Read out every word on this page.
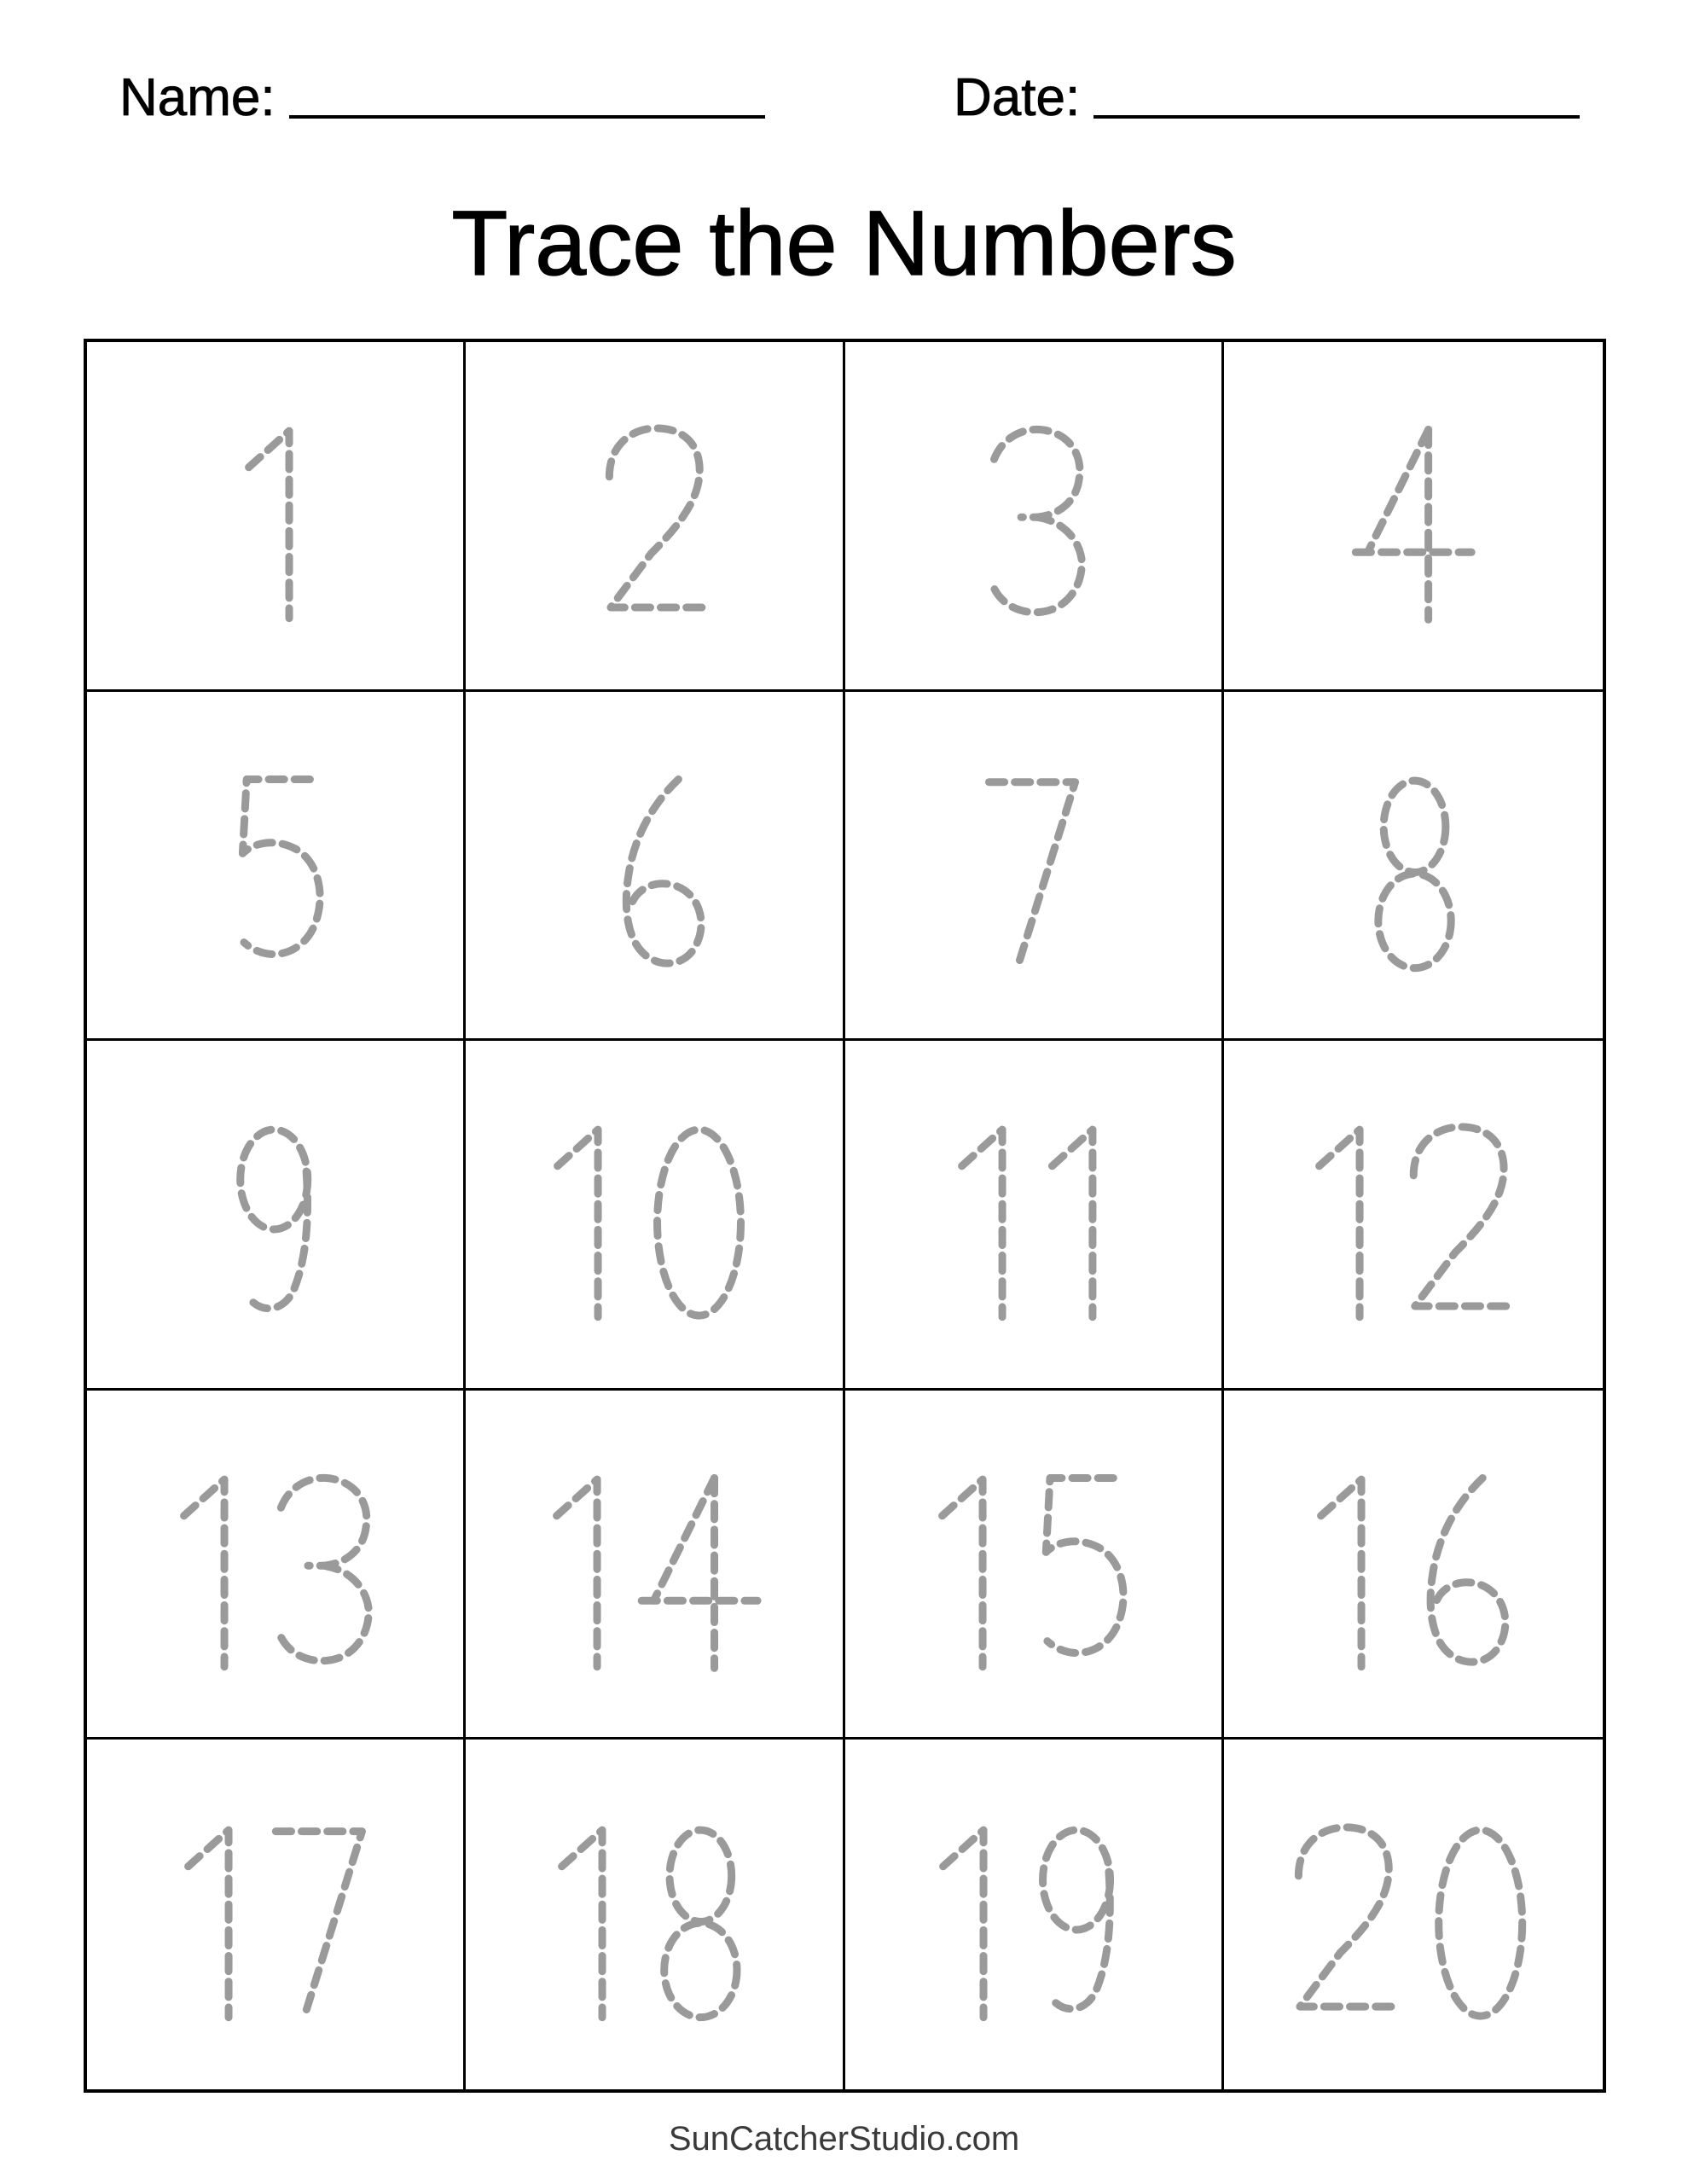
Name:	Date:
Trace the Numbers
SunCatcherStudio.com
